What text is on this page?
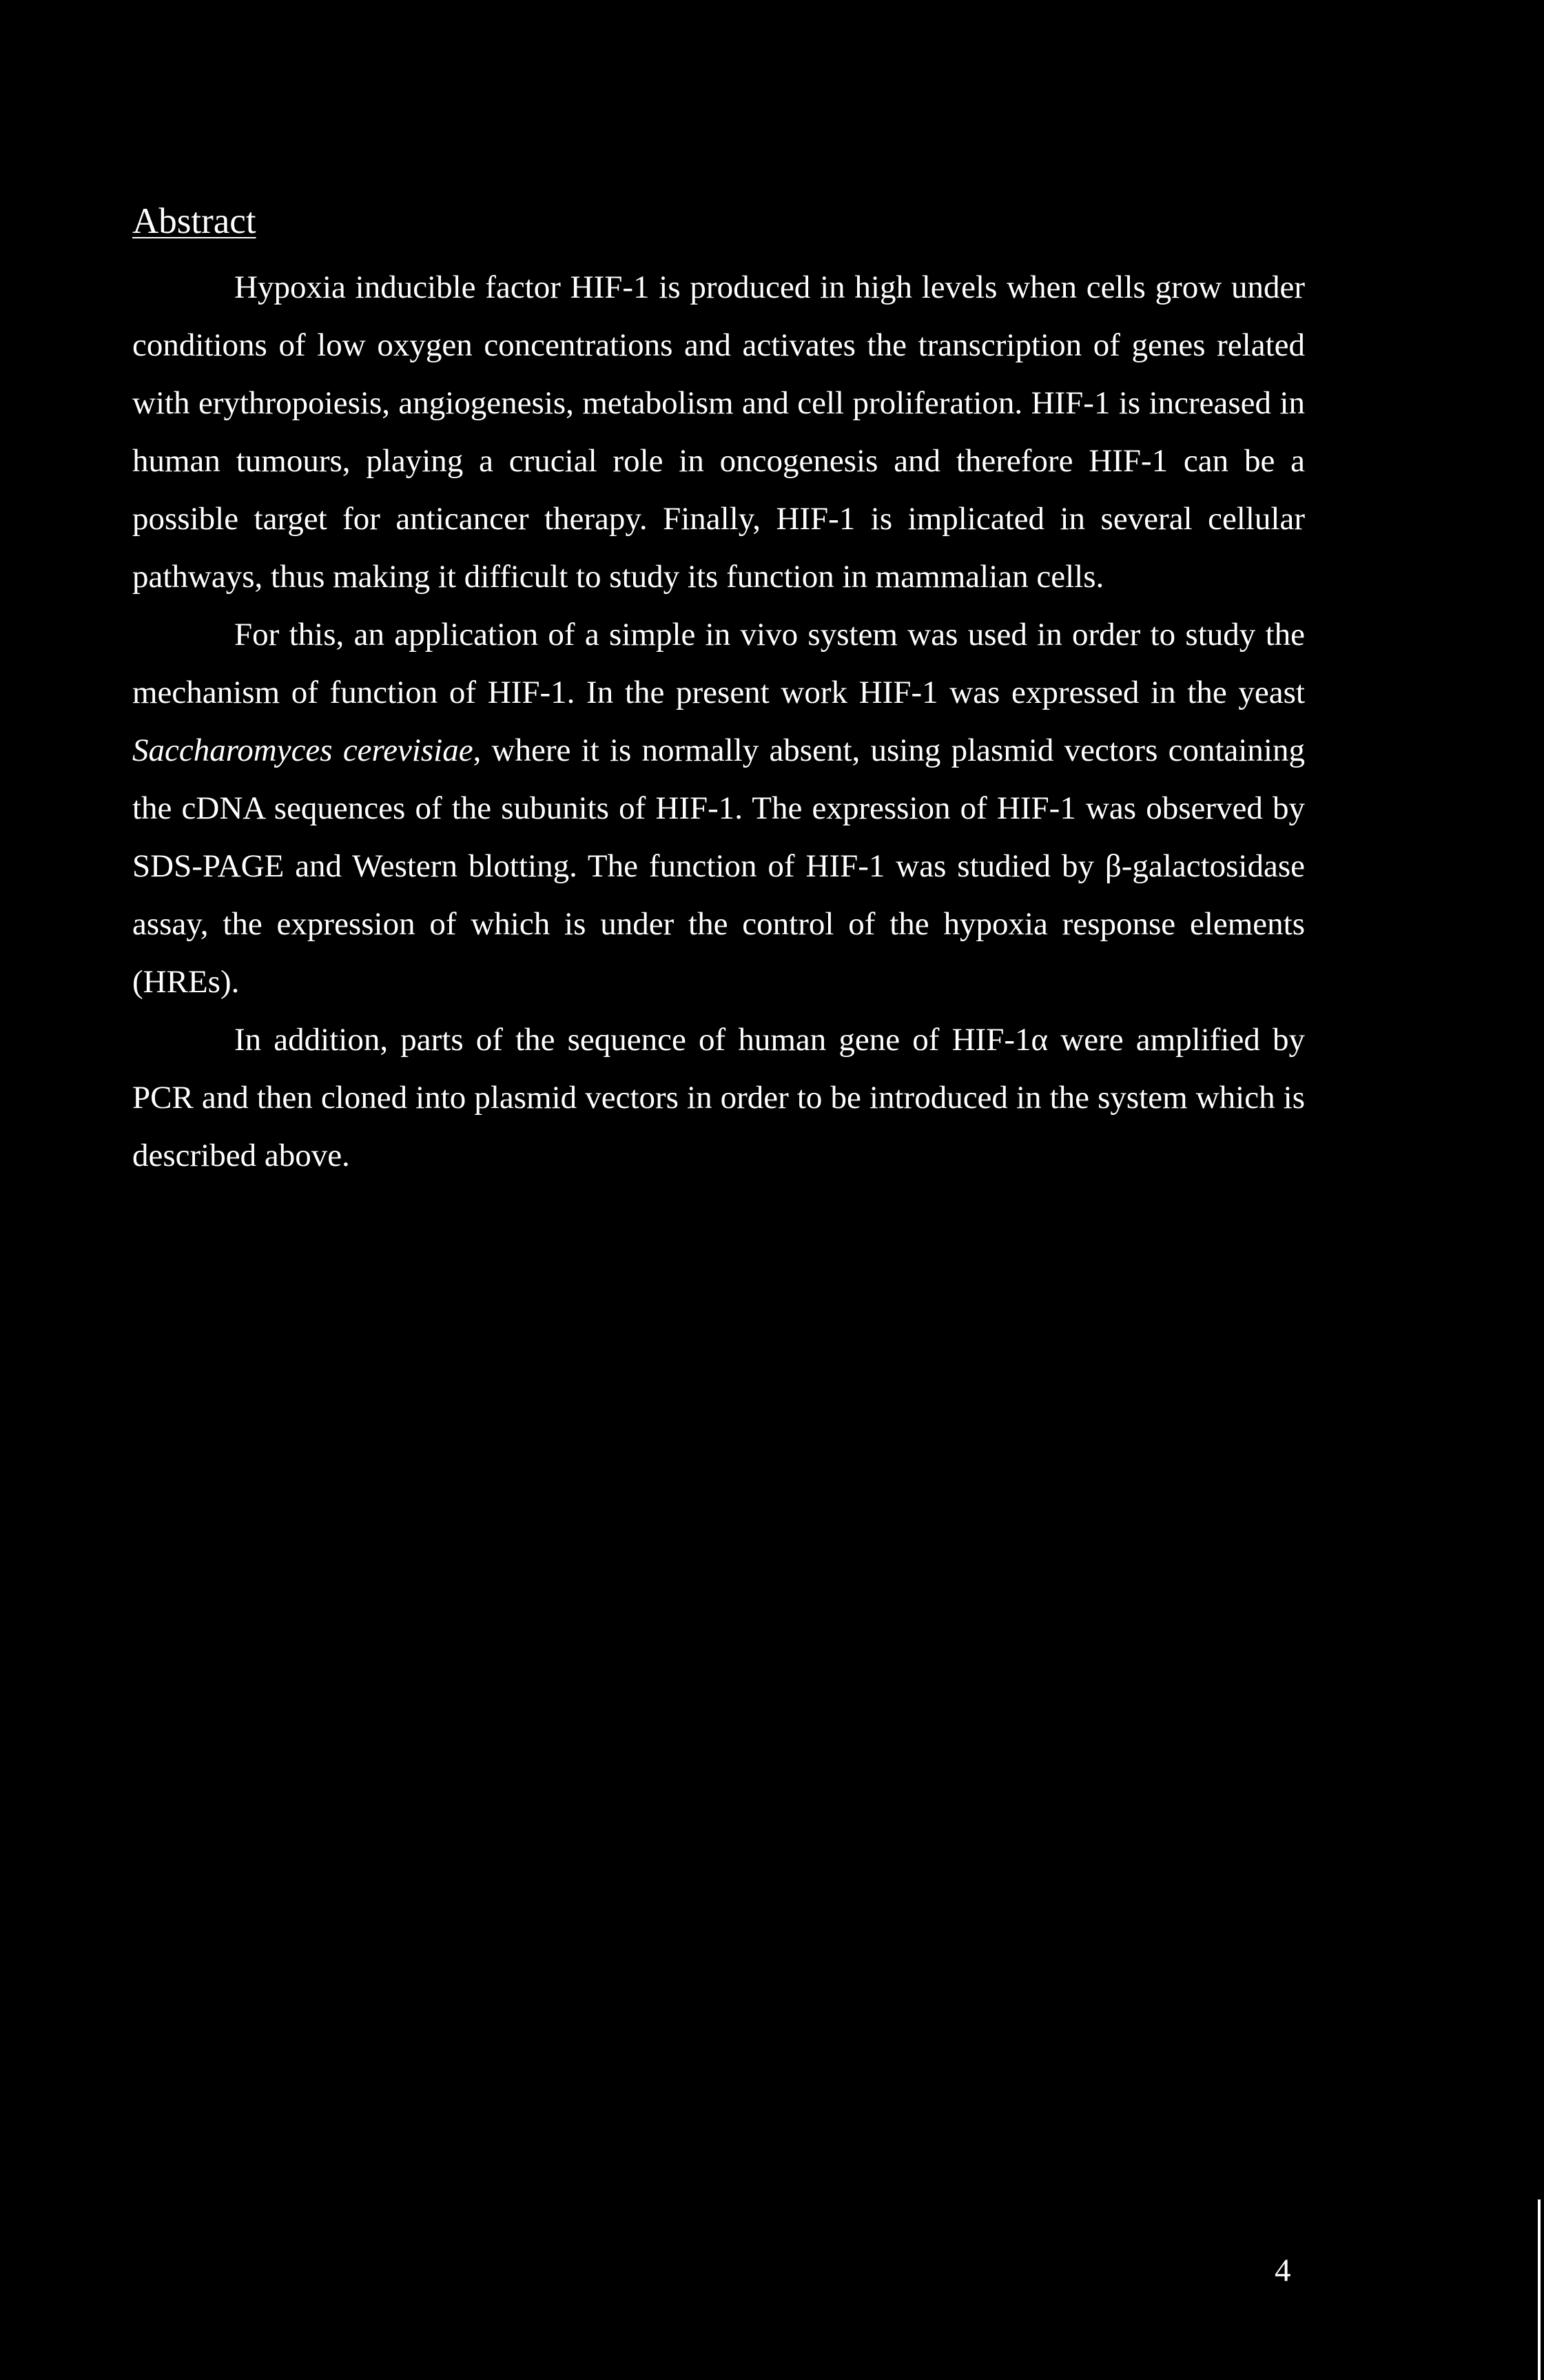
Abstract

Hypoxia inducible factor HIF-1 is produced in high levels when cells grow under conditions of low oxygen concentrations and activates the transcription of genes related with erythropoiesis, angiogenesis, metabolism and cell proliferation. HIF-1 is increased in human tumours, playing a crucial role in oncogenesis and therefore HIF-1 can be a possible target for anticancer therapy. Finally, HIF-1 is implicated in several cellular pathways, thus making it difficult to study its function in mammalian cells.

For this, an application of a simple in vivo system was used in order to study the mechanism of function of HIF-1. In the present work HIF-1 was expressed in the yeast Saccharomyces cerevisiae, where it is normally absent, using plasmid vectors containing the cDNA sequences of the subunits of HIF-1. The expression of HIF-1 was observed by SDS-PAGE and Western blotting. The function of HIF-1 was studied by β-galactosidase assay, the expression of which is under the control of the hypoxia response elements (HREs).

In addition, parts of the sequence of human gene of HIF-1α were amplified by PCR and then cloned into plasmid vectors in order to be introduced in the system which is described above.

4
